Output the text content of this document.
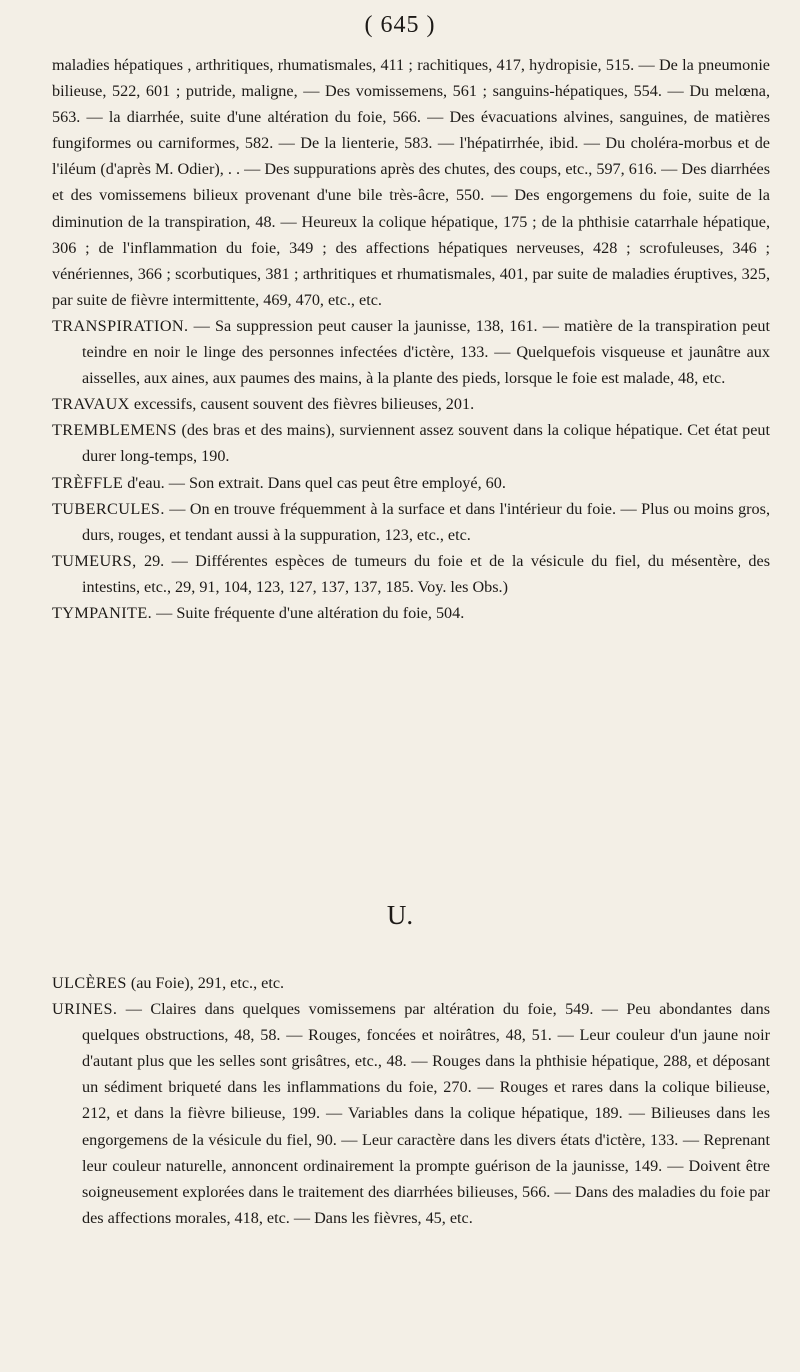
( 645 )

maladies hépatiques , arthritiques, rhumatismales, 411 ; rachitiques, 417, hydropisie, 515. — De la pneumonie bilieuse, 522, 601 ; putride, maligne, — Des vomissemens, 561 ; sanguins-hépatiques, 554. — Du melœna, 563. — la diarrhée, suite d'une altération du foie, 566. — Des évacuations alvines, sanguines, de matières fungiformes ou carniformes, 582. — De la lienterie, 583. — l'hépatirrhée, ibid. — Du choléra-morbus et de l'iléum (d'après M. Odier), . . — Des suppurations après des chutes, des coups, etc., 597, 616. — Des diarrhées et des vomissemens bilieux provenant d'une bile très-âcre, 550. — Des engorgemens du foie, suite de la diminution de la transpiration, 48. — Heureux la colique hépatique, 175 ; de la phthisie catarrhale hépatique, 306 ; de l'inflammation du foie, 349 ; des affections hépatiques nerveuses, 428 ; scrofuleuses, 346 ; vénériennes, 366 ; scorbutiques, 381 ; arthritiques et rhumatismales, 401, par suite de maladies éruptives, 325, par suite de fièvre intermittente, 469, 470, etc., etc.

TRANSPIRATION. — Sa suppression peut causer la jaunisse, 138, 161. — matière de la transpiration peut teindre en noir le linge des personnes infectées d'ictère, 133. — Quelquefois visqueuse et jaunâtre aux aisselles, aux aines, aux paumes des mains, à la plante des pieds, lorsque le foie est malade, 48, etc.

TRAVAUX excessifs, causent souvent des fièvres bilieuses, 201.

TREMBLEMENS (des bras et des mains), surviennent assez souvent dans la colique hépatique. Cet état peut durer long-temps, 190.

TRÈFFLE d'eau. — Son extrait. Dans quel cas peut être employé, 60.

TUBERCULES. — On en trouve fréquemment à la surface et dans l'intérieur du foie. — Plus ou moins gros, durs, rouges, et tendant aussi à la suppuration, 123, etc., etc.

TUMEURS, 29. — Différentes espèces de tumeurs du foie et de la vésicule du fiel, du mésentère, des intestins, etc., 29, 91, 104, 123, 127, 137, 137, 185. Voy. les Obs.)

TYMPANITE. — Suite fréquente d'une altération du foie, 504.

U.

ULCÈRES (au Foie), 291, etc., etc.

URINES. — Claires dans quelques vomissemens par altération du foie, 549. — Peu abondantes dans quelques obstructions, 48, 58. — Rouges, foncées et noirâtres, 48, 51. — Leur couleur d'un jaune noir d'autant plus que les selles sont grisâtres, etc., 48. — Rouges dans la phthisie hépatique, 288, et déposant un sédiment briqueté dans les inflammations du foie, 270. — Rouges et rares dans la colique bilieuse, 212, et dans la fièvre bilieuse, 199. — Variables dans la colique hépatique, 189. — Bilieuses dans les engorgemens de la vésicule du fiel, 90. — Leur caractère dans les divers états d'ictère, 133. — Reprenant leur couleur naturelle, annoncent ordinairement la prompte guérison de la jaunisse, 149. — Doivent être soigneusement explorées dans le traitement des diarrhées bilieuses, 566. — Dans des maladies du foie par des affections morales, 418, etc. — Dans les fièvres, 45, etc.
